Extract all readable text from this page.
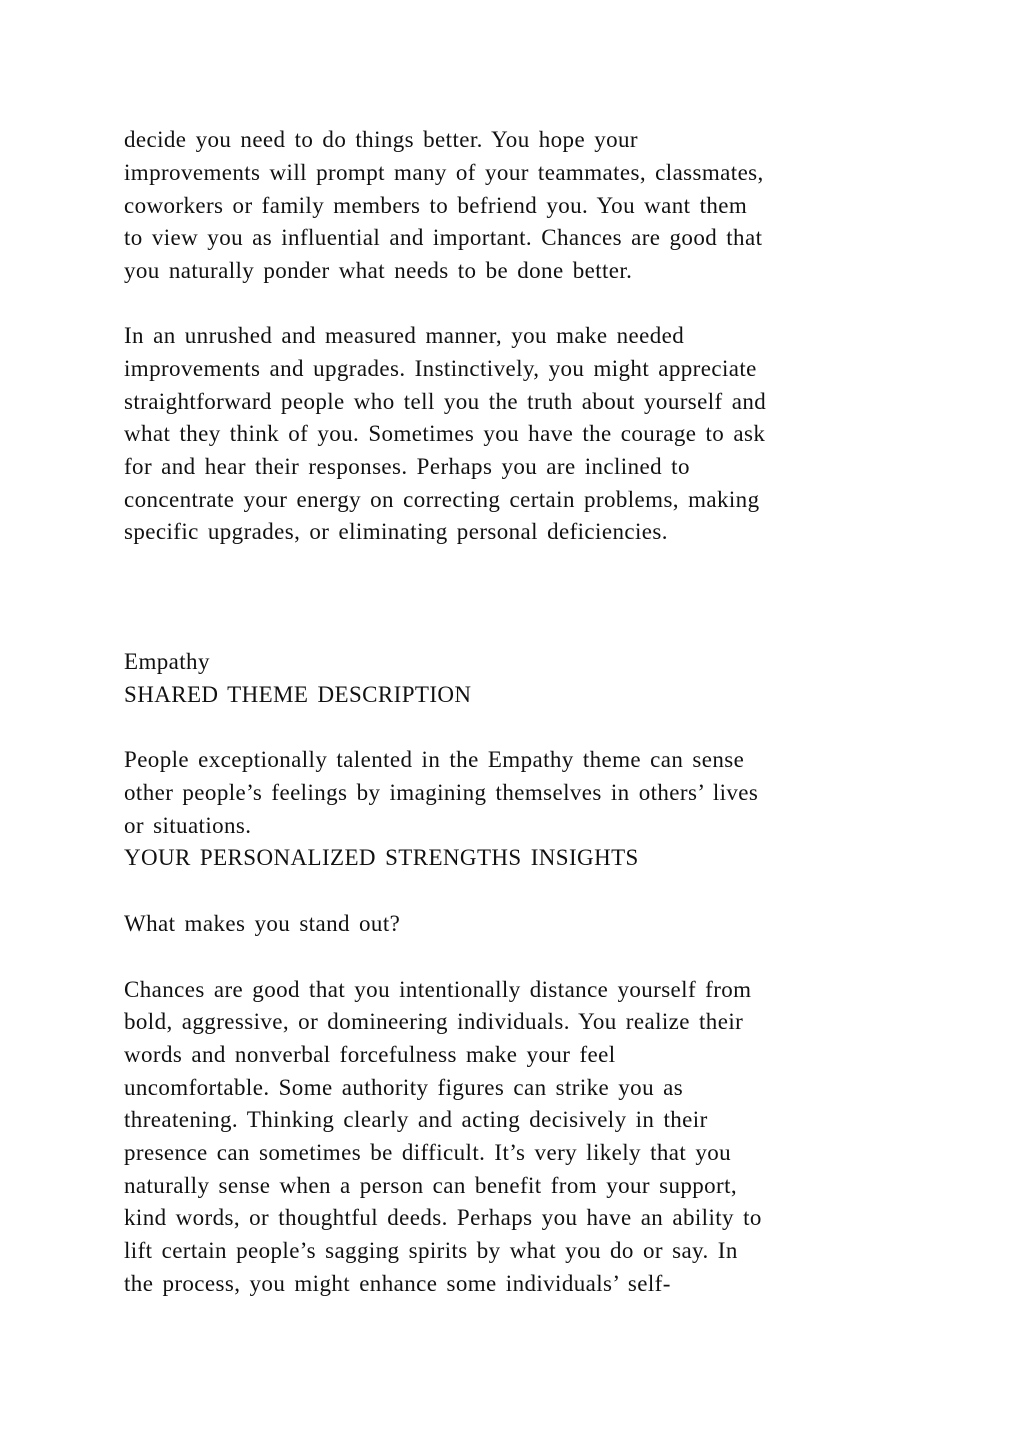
decide you need to do things better. You hope your

improvements will prompt many of your teammates, classmates,

coworkers or family members to befriend you. You want them

to view you as influential and important. Chances are good that

you naturally ponder what needs to be done better.

In an unrushed and measured manner, you make needed

improvements and upgrades. Instinctively, you might appreciate

straightforward people who tell you the truth about yourself and

what they think of you. Sometimes you have the courage to ask

for and hear their responses. Perhaps you are inclined to

concentrate your energy on correcting certain problems, making

specific upgrades, or eliminating personal deficiencies.

Empathy

SHARED THEME DESCRIPTION

People exceptionally talented in the Empathy theme can sense

other people’s feelings by imagining themselves in others’ lives

or situations.

YOUR PERSONALIZED STRENGTHS INSIGHTS

What makes you stand out?

Chances are good that you intentionally distance yourself from

bold, aggressive, or domineering individuals. You realize their

words and nonverbal forcefulness make your feel

uncomfortable. Some authority figures can strike you as

threatening. Thinking clearly and acting decisively in their

presence can sometimes be difficult. It’s very likely that you

naturally sense when a person can benefit from your support,

kind words, or thoughtful deeds. Perhaps you have an ability to

lift certain people’s sagging spirits by what you do or say. In

the process, you might enhance some individuals’ self-
